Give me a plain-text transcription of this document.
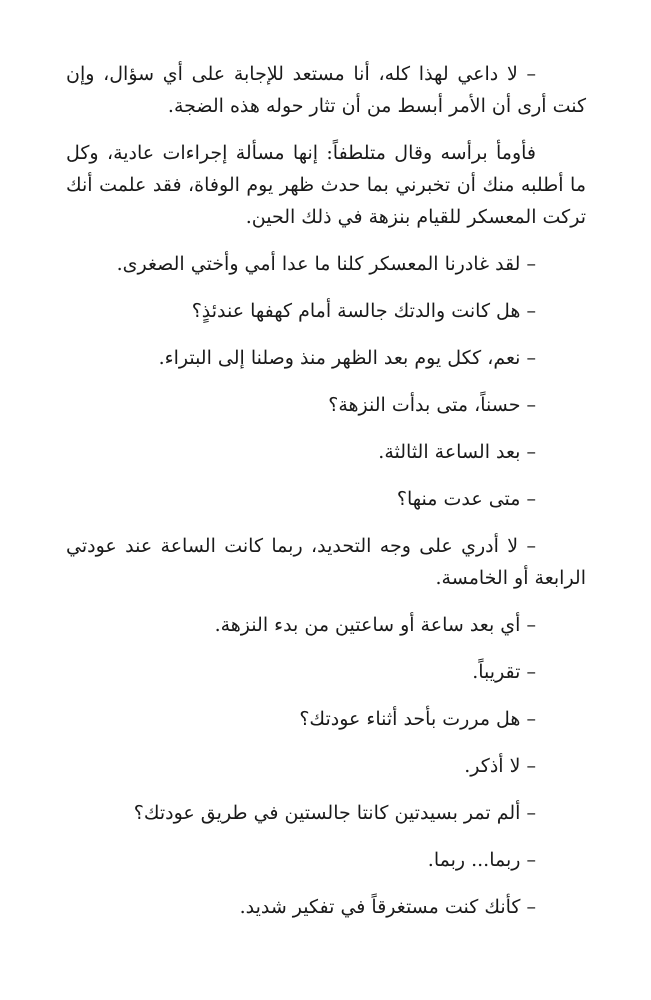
– لا داعي لهذا كله، أنا مستعد للإجابة على أي سؤال، وإن كنت أرى أن الأمر أبسط من أن تثار حوله هذه الضجة.

فأومأ برأسه وقال متلطفاً: إنها مسألة إجراءات عادية، وكل ما أطلبه منك أن تخبرني بما حدث ظهر يوم الوفاة، فقد علمت أنك تركت المعسكر للقيام بنزهة في ذلك الحين.

– لقد غادرنا المعسكر كلنا ما عدا أمي وأختي الصغرى.

– هل كانت والدتك جالسة أمام كهفها عندئذٍ؟

– نعم، ككل يوم بعد الظهر منذ وصلنا إلى البتراء.

– حسناً، متى بدأت النزهة؟

– بعد الساعة الثالثة.

– متى عدت منها؟

– لا أدري على وجه التحديد، ربما كانت الساعة عند عودتي الرابعة أو الخامسة.

– أي بعد ساعة أو ساعتين من بدء النزهة.

– تقريباً.

– هل مررت بأحد أثناء عودتك؟

– لا أذكر.

– ألم تمر بسيدتين كانتا جالستين في طريق عودتك؟

– ربما... ربما.

– كأنك كنت مستغرقاً في تفكير شديد.
